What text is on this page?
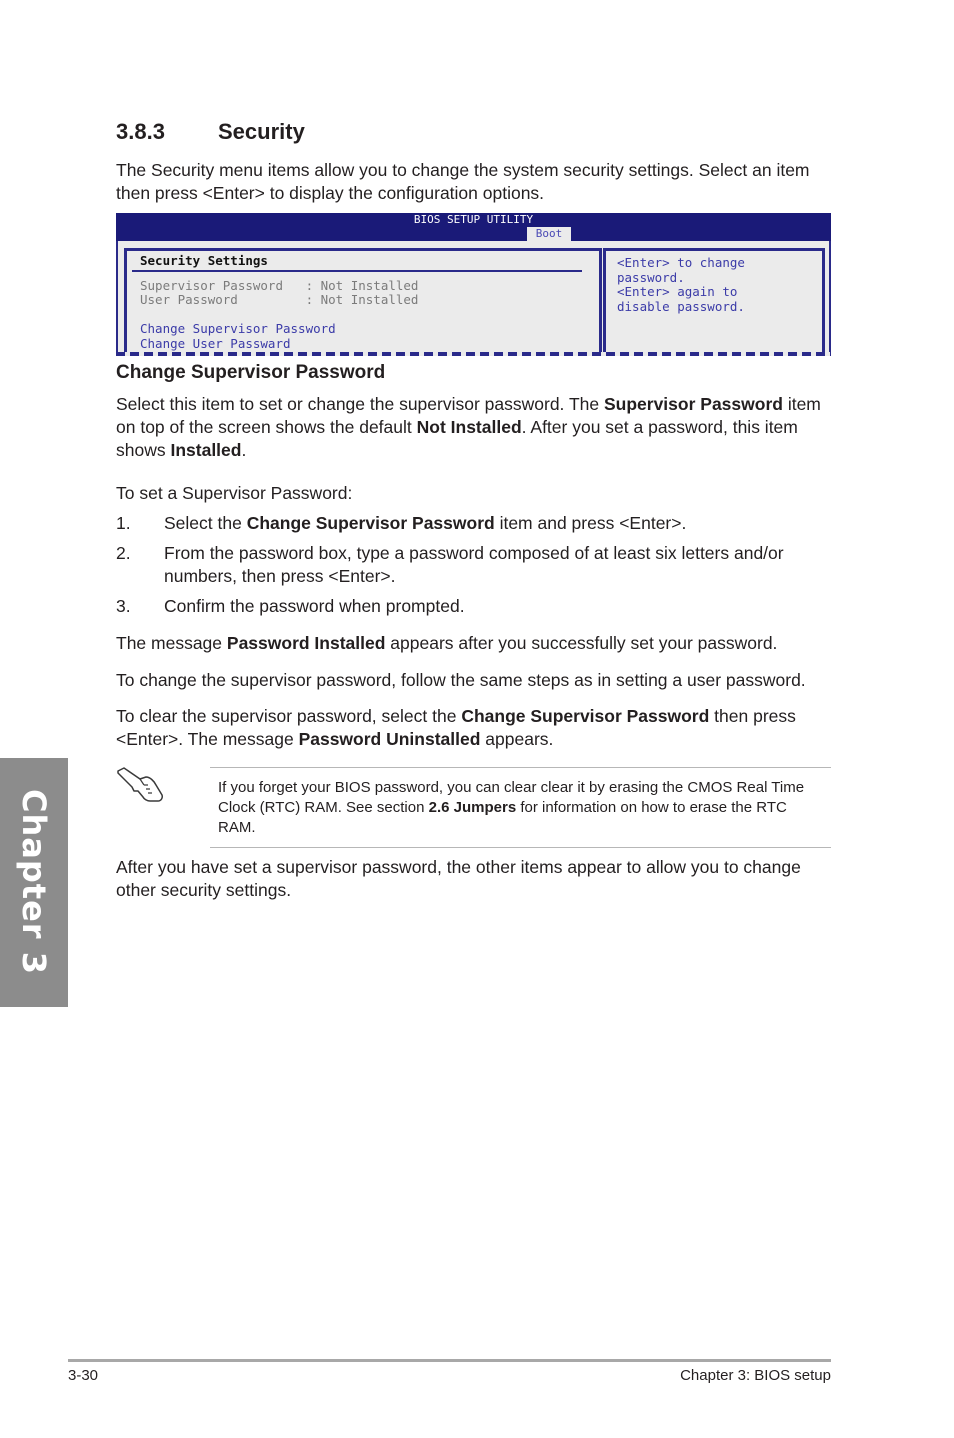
Chapter 3
3.8.3 Security

The Security menu items allow you to change the system security settings. Select an item
then press <Enter> to display the configuration options.

BIOS SETUP UTILITY
Boot
Security Settings
Supervisor Password   : Not Installed
User Password         : Not Installed
Change Supervisor Password
Change User Passward
<Enter> to change
password.
<Enter> again to
disable password.
Change Supervisor Password

Select this item to set or change the supervisor password. The Supervisor Password item
on top of the screen shows the default Not Installed. After you set a password, this item
shows Installed.

To set a Supervisor Password:

1. Select the Change Supervisor Password item and press <Enter>.
2. From the password box, type a password composed of at least six letters and/or
numbers, then press <Enter>.
3. Confirm the password when prompted.

The message Password Installed appears after you successfully set your password.

To change the supervisor password, follow the same steps as in setting a user password.

To clear the supervisor password, select the Change Supervisor Password then press
<Enter>. The message Password Uninstalled appears.

If you forget your BIOS password, you can clear clear it by erasing the CMOS Real Time
Clock (RTC) RAM. See section 2.6 Jumpers for information on how to erase the RTC
RAM.

After you have set a supervisor password, the other items appear to allow you to change
other security settings.

3-30	Chapter 3: BIOS setup
